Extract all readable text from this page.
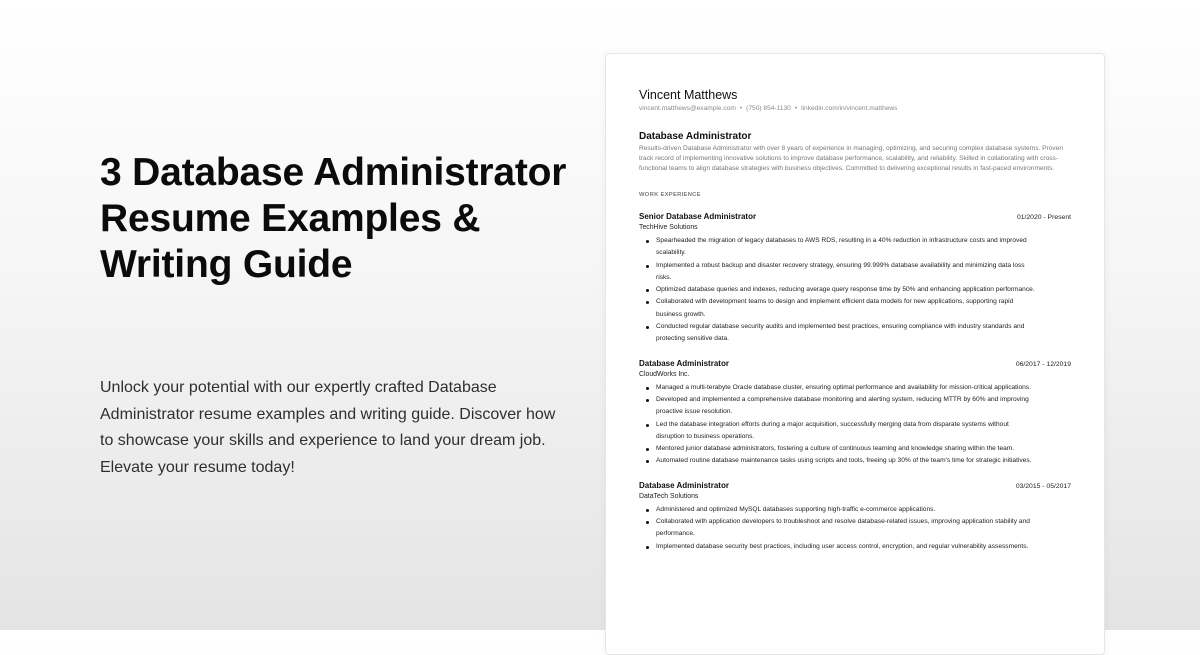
3 Database Administrator Resume Examples & Writing Guide

Unlock your potential with our expertly crafted Database Administrator resume examples and writing guide. Discover how to showcase your skills and experience to land your dream job. Elevate your resume today!

Vincent Matthews
vincent.matthews@example.com • (750) 854-1130 • linkedin.com/in/vincent.matthews
Database Administrator
Results-driven Database Administrator with over 8 years of experience in managing, optimizing, and securing complex database systems. Proven track record of implementing innovative solutions to improve database performance, scalability, and reliability. Skilled in collaborating with cross-functional teams to align database strategies with business objectives. Committed to delivering exceptional results in fast-paced environments.
WORK EXPERIENCE
Senior Database Administrator	01/2020 - Present
TechHive Solutions
Spearheaded the migration of legacy databases to AWS RDS, resulting in a 40% reduction in infrastructure costs and improved scalability.
Implemented a robust backup and disaster recovery strategy, ensuring 99.999% database availability and minimizing data loss risks.
Optimized database queries and indexes, reducing average query response time by 50% and enhancing application performance.
Collaborated with development teams to design and implement efficient data models for new applications, supporting rapid business growth.
Conducted regular database security audits and implemented best practices, ensuring compliance with industry standards and protecting sensitive data.
Database Administrator	06/2017 - 12/2019
CloudWorks Inc.
Managed a multi-terabyte Oracle database cluster, ensuring optimal performance and availability for mission-critical applications.
Developed and implemented a comprehensive database monitoring and alerting system, reducing MTTR by 60% and improving proactive issue resolution.
Led the database integration efforts during a major acquisition, successfully merging data from disparate systems without disruption to business operations.
Mentored junior database administrators, fostering a culture of continuous learning and knowledge sharing within the team.
Automated routine database maintenance tasks using scripts and tools, freeing up 30% of the team's time for strategic initiatives.
Database Administrator	03/2015 - 05/2017
DataTech Solutions
Administered and optimized MySQL databases supporting high-traffic e-commerce applications.
Collaborated with application developers to troubleshoot and resolve database-related issues, improving application stability and performance.
Implemented database security best practices, including user access control, encryption, and regular vulnerability assessments.
